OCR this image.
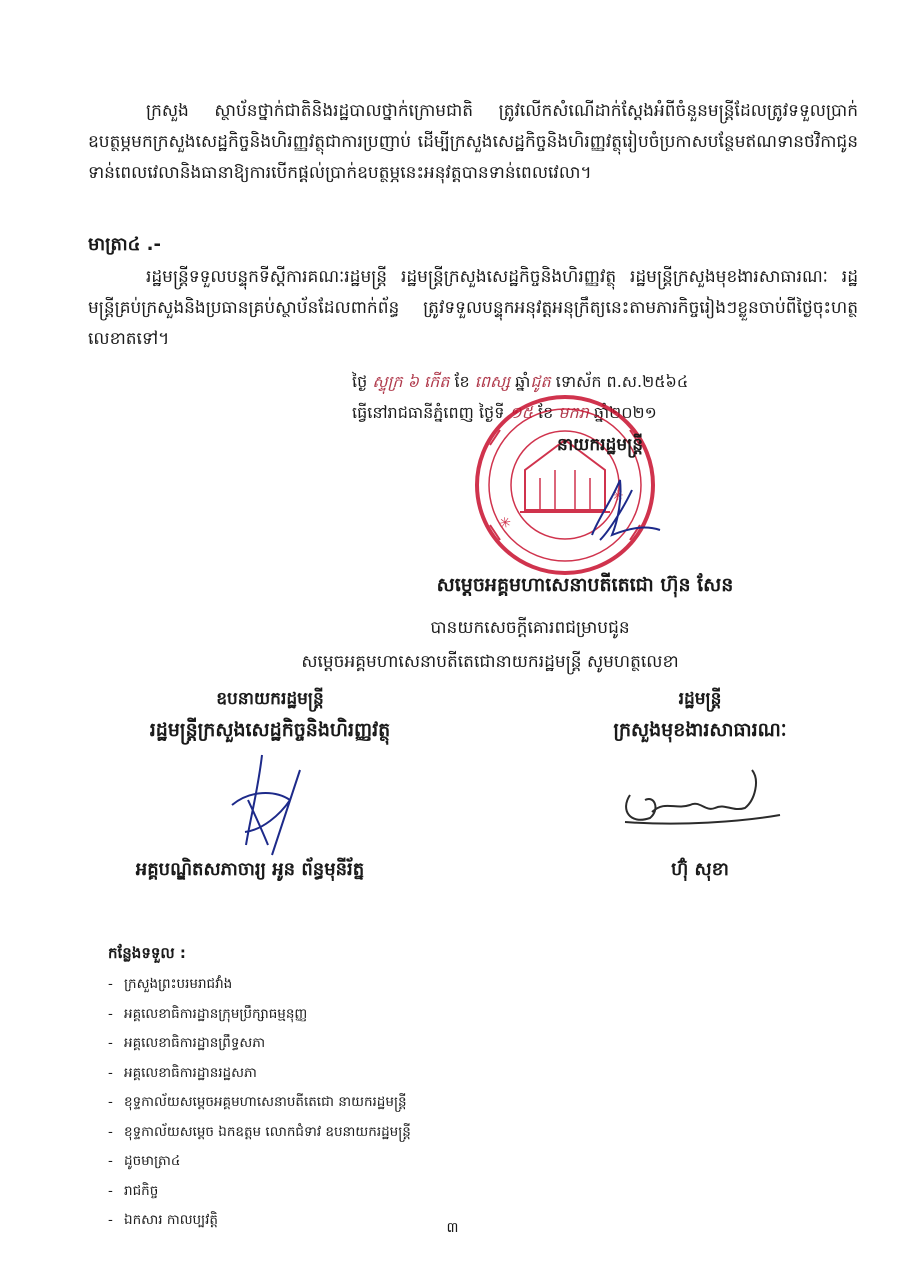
ក្រសួង ស្ថាប័នថ្នាក់ជាតិនិងរដ្ឋបាលថ្នាក់ក្រោមជាតិ ត្រូវលើកសំណើដាក់ស្តែងអំពីចំនួនមន្ត្រីដែលត្រូវទទួលប្រាក់ឧបត្ថម្ភមកក្រសួងសេដ្ឋកិច្ចនិងហិរញ្ញវត្ថុជាការប្រញាប់ ដើម្បីក្រសួងសេដ្ឋកិច្ចនិងហិរញ្ញវត្ថុរៀបចំប្រកាសបន្ថែមឥណទានថវិកាជូនទាន់ពេលវេលានិងធានាឱ្យការបើកផ្តល់ប្រាក់ឧបត្ថម្ភនេះអនុវត្តបានទាន់ពេលវេលា។
មាត្រា៤ .-
រដ្ឋមន្ត្រីទទួលបន្ទុកទីស្តីការគណៈរដ្ឋមន្ត្រី រដ្ឋមន្ត្រីក្រសួងសេដ្ឋកិច្ចនិងហិរញ្ញវត្ថុ រដ្ឋមន្ត្រីក្រសួងមុខងារសាធារណៈ រដ្ឋមន្ត្រីគ្រប់ក្រសួងនិងប្រធានគ្រប់ស្ថាប័នដែលពាក់ព័ន្ធ ត្រូវទទួលបន្ទុកអនុវត្តអនុក្រឹត្យនេះតាមភារកិច្ចរៀងៗខ្លួនចាប់ពីថ្ងៃចុះហត្ថលេខាតទៅ។
ថ្ងៃ ស្ទុក្រ ៦ កើត ខែ ពេស្ស ឆ្នាំជូត ទោស័ក ព.ស.២៥៦៤
ធ្វើនៅរាជធានីភ្នំពេញ ថ្ងៃទី ១៥ ខែ មករា ឆ្នាំ២០២១
✳
✳
នាយករដ្ឋមន្ត្រី
សម្តេចអគ្គមហាសេនាបតីតេជោ ហ៊ុន សែន
បានយកសេចក្តីគោរពជម្រាបជូន
សម្តេចអគ្គមហាសេនាបតីតេជោនាយករដ្ឋមន្ត្រី សូមហត្ថលេខា
ឧបនាយករដ្ឋមន្ត្រី
រដ្ឋមន្ត្រីក្រសួងសេដ្ឋកិច្ចនិងហិរញ្ញវត្ថុ
អគ្គបណ្ឌិតសភាចារ្យ អូន ព័ន្ធមុនីរ័ត្ន
រដ្ឋមន្ត្រី
ក្រសួងមុខងារសាធារណៈ
ហ៊ុំ សុខា
កន្លែងទទួល :
- ក្រសួងព្រះបរមរាជវាំង
- អគ្គលេខាធិការដ្ឋានក្រុមប្រឹក្សាធម្មនុញ្ញ
- អគ្គលេខាធិការដ្ឋានព្រឹទ្ធសភា
- អគ្គលេខាធិការដ្ឋានរដ្ឋសភា
- ខុទ្ទកាល័យសម្តេចអគ្គមហាសេនាបតីតេជោ នាយករដ្ឋមន្ត្រី
- ខុទ្ទកាល័យសម្តេច ឯកឧត្តម លោកជំទាវ ឧបនាយករដ្ឋមន្ត្រី
- ដូចមាត្រា៤
- រាជកិច្ច
- ឯកសារ កាលប្បវត្តិ	៣
